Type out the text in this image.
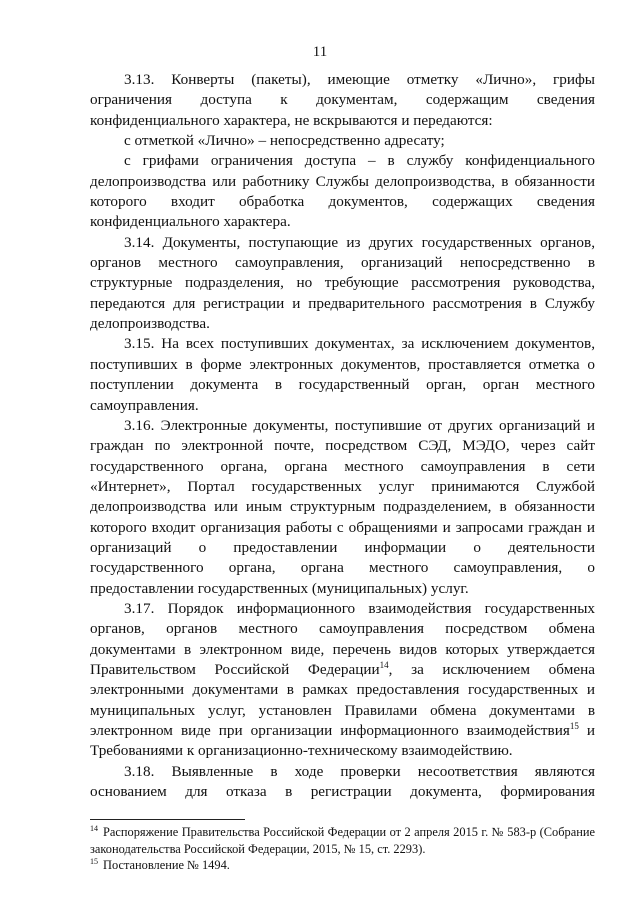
11

3.13. Конверты (пакеты), имеющие отметку «Лично», грифы ограничения доступа к документам, содержащим сведения конфиденциального характера, не вскрываются и передаются:

с отметкой «Лично» – непосредственно адресату;

с грифами ограничения доступа – в службу конфиденциального делопроизводства или работнику Службы делопроизводства, в обязанности которого входит обработка документов, содержащих сведения конфиденциального характера.

3.14. Документы, поступающие из других государственных органов, органов местного самоуправления, организаций непосредственно в структурные подразделения, но требующие рассмотрения руководства, передаются для регистрации и предварительного рассмотрения в Службу делопроизводства.

3.15. На всех поступивших документах, за исключением документов, поступивших в форме электронных документов, проставляется отметка о поступлении документа в государственный орган, орган местного самоуправления.

3.16. Электронные документы, поступившие от других организаций и граждан по электронной почте, посредством СЭД, МЭДО, через сайт государственного органа, органа местного самоуправления в сети «Интернет», Портал государственных услуг принимаются Службой делопроизводства или иным структурным подразделением, в обязанности которого входит организация работы с обращениями и запросами граждан и организаций о предоставлении информации о деятельности государственного органа, органа местного самоуправления, о предоставлении государственных (муниципальных) услуг.

3.17. Порядок информационного взаимодействия государственных органов, органов местного самоуправления посредством обмена документами в электронном виде, перечень видов которых утверждается Правительством Российской Федерации$^{14}$, за исключением обмена электронными документами в рамках предоставления государственных и муниципальных услуг, установлен Правилами обмена документами в электронном виде при организации информационного взаимодействия$^{15}$ и Требованиями к организационно-техническому взаимодействию.

3.18. Выявленные в ходе проверки несоответствия являются основанием для отказа в регистрации документа, формирования

$^{14}$ Распоряжение Правительства Российской Федерации от 2 апреля 2015 г. № 583-р (Собрание законодательства Российской Федерации, 2015, № 15, ст. 2293).

$^{15}$ Постановление № 1494.
